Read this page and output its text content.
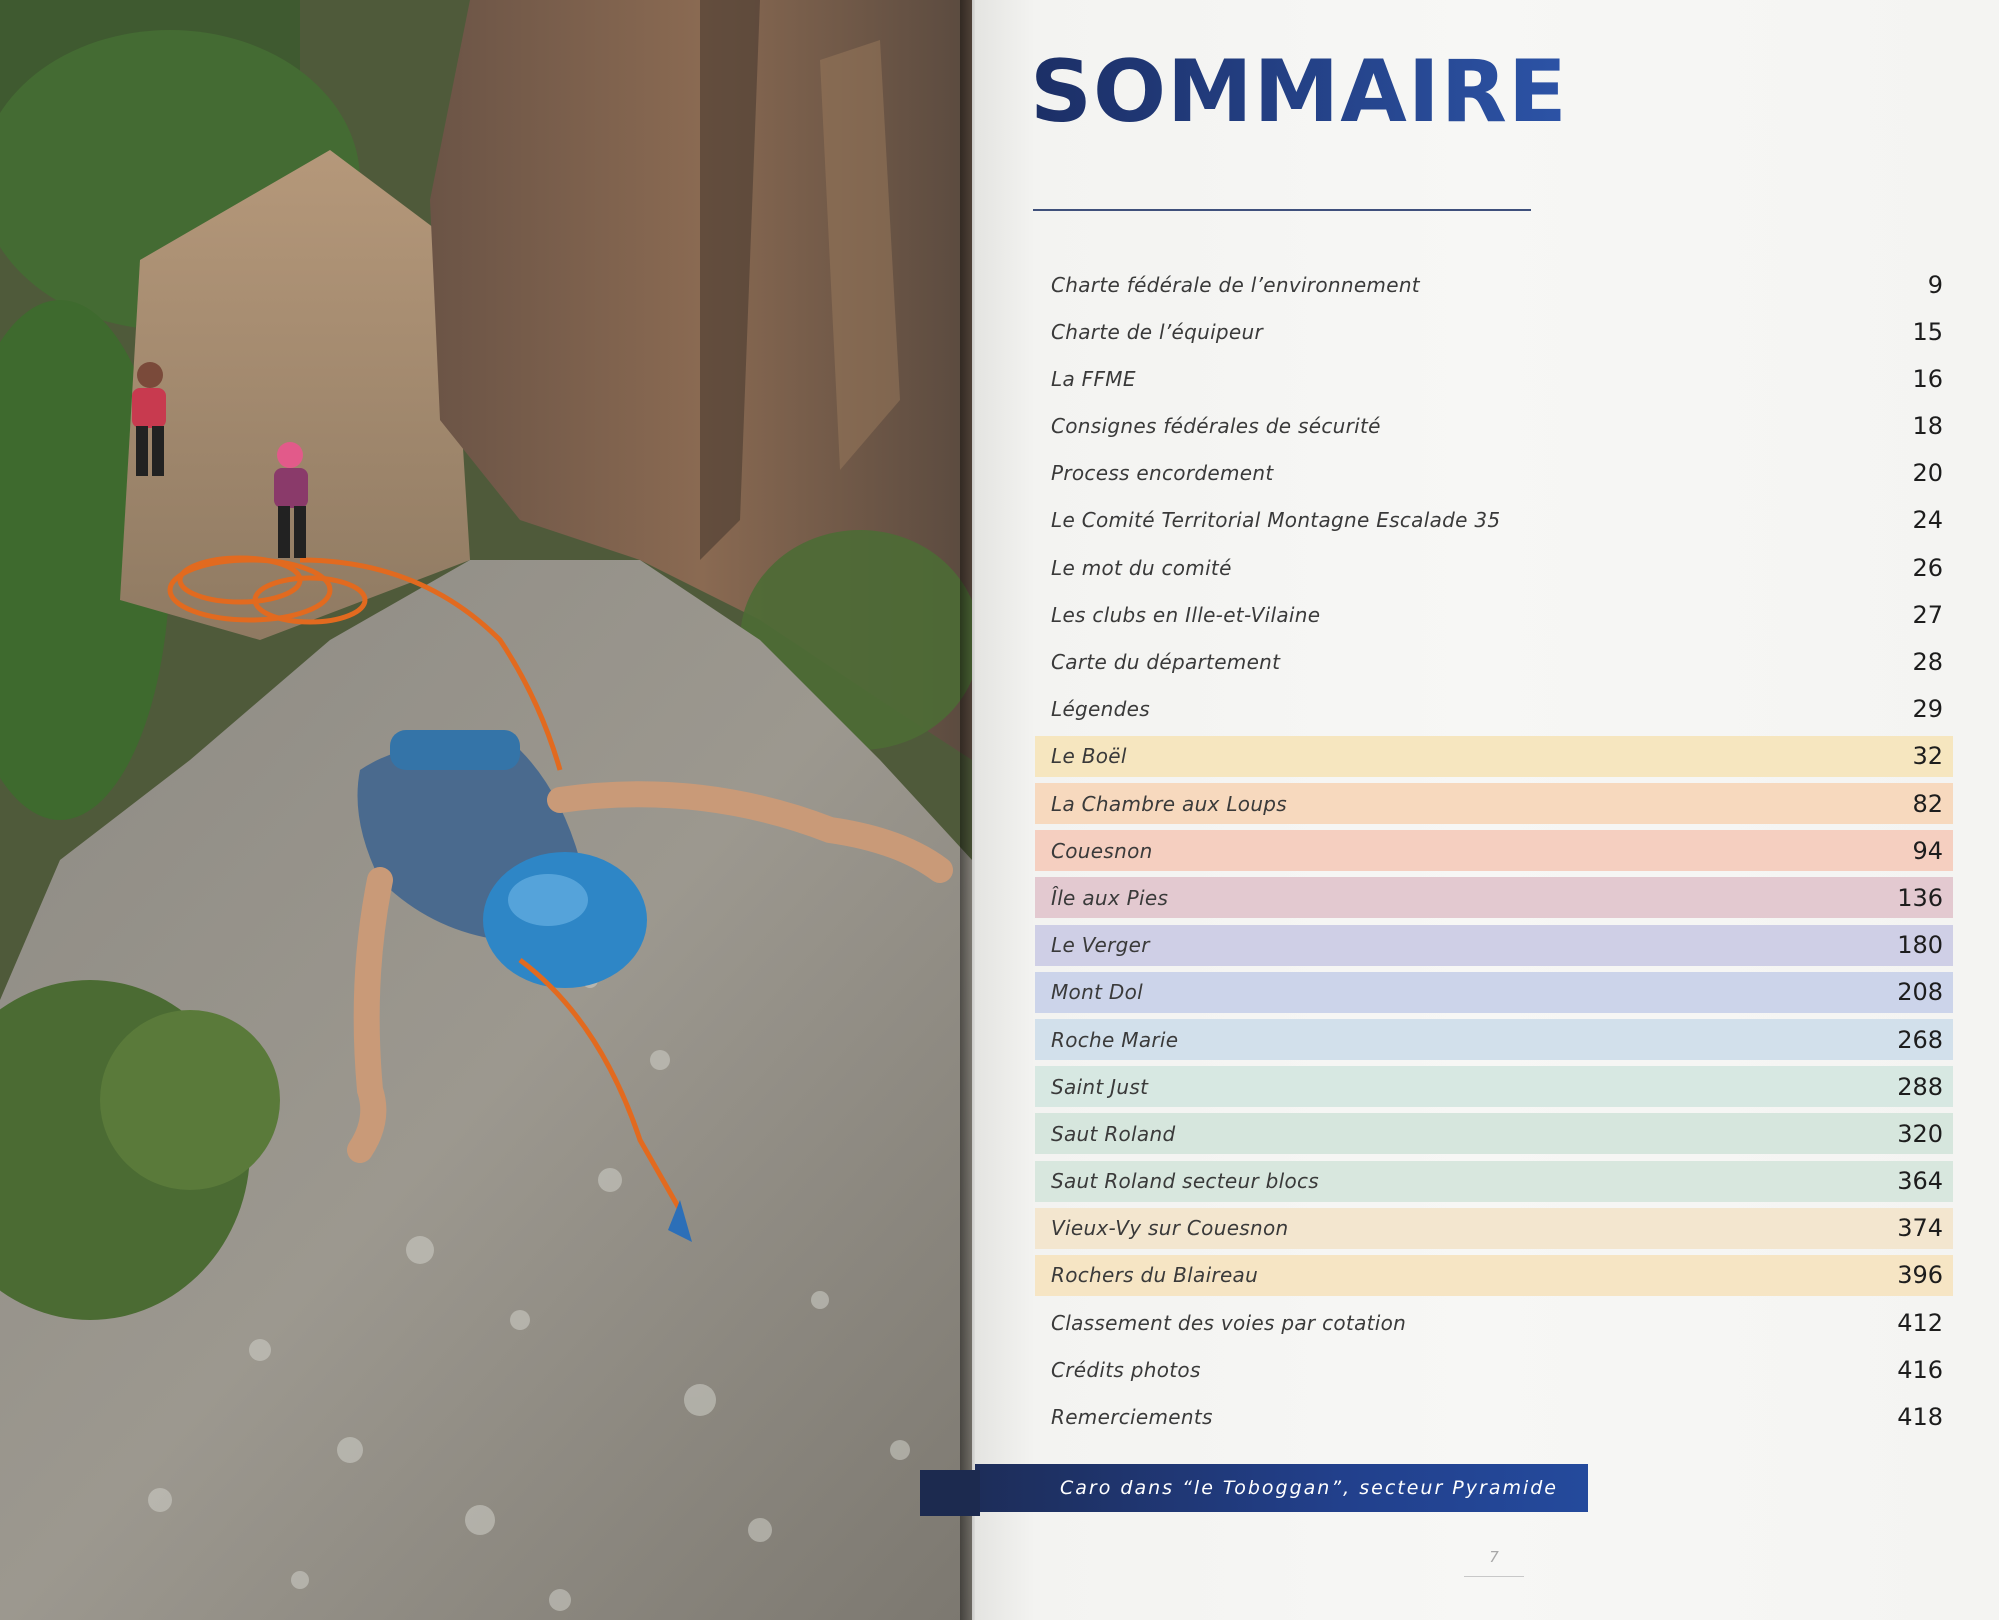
SOMMAIRE
Charte fédérale de l’environnement	9
Charte de l’équipeur	15
La FFME	16
Consignes fédérales de sécurité	18
Process encordement	20
Le Comité Territorial Montagne Escalade 35	24
Le mot du comité	26
Les clubs en Ille-et-Vilaine	27
Carte du département	28
Légendes	29
Le Boël	32
La Chambre aux Loups	82
Couesnon	94
Île aux Pies	136
Le Verger	180
Mont Dol	208
Roche Marie	268
Saint Just	288
Saut Roland	320
Saut Roland secteur blocs	364
Vieux-Vy sur Couesnon	374
Rochers du Blaireau	396
Classement des voies par cotation	412
Crédits photos	416
Remerciements	418
Caro dans “le Toboggan”, secteur Pyramide
7
